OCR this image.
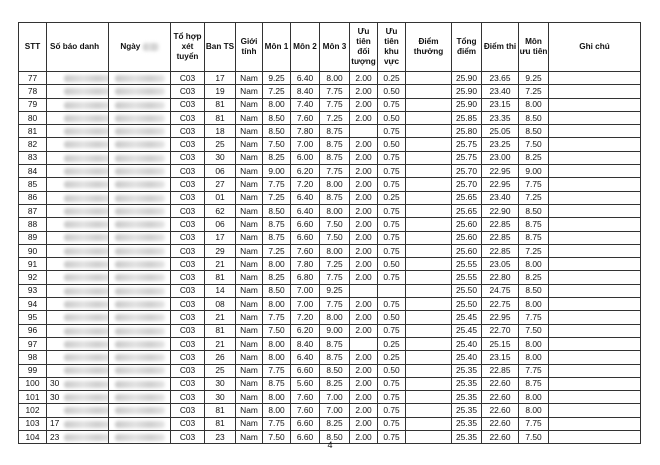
STT	Số báo danh	Ngày	Tổ hợp xét tuyển	Ban TS	Giới tính	Môn 1	Môn 2	Môn 3	Ưu tiên đối tượng	Ưu tiên khu vực	Điểm thưởng	Tổng điểm	Điểm thi	Môn ưu tiên	Ghi chú
77			C03	17	Nam	9.25	6.40	8.00	2.00	0.25		25.90	23.65	9.25	
78			C03	19	Nam	7.25	8.40	7.75	2.00	0.50		25.90	23.40	7.25	
79			C03	81	Nam	8.00	7.40	7.75	2.00	0.75		25.90	23.15	8.00	
80			C03	81	Nam	8.50	7.60	7.25	2.00	0.50		25.85	23.35	8.50	
81			C03	18	Nam	8.50	7.80	8.75		0.75		25.80	25.05	8.50	
82			C03	25	Nam	7.50	7.00	8.75	2.00	0.50		25.75	23.25	7.50	
83			C03	30	Nam	8.25	6.00	8.75	2.00	0.75		25.75	23.00	8.25	
84			C03	06	Nam	9.00	6.20	7.75	2.00	0.75		25.70	22.95	9.00	
85			C03	27	Nam	7.75	7.20	8.00	2.00	0.75		25.70	22.95	7.75	
86			C03	01	Nam	7.25	6.40	8.75	2.00	0.25		25.65	23.40	7.25	
87			C03	62	Nam	8.50	6.40	8.00	2.00	0.75		25.65	22.90	8.50	
88			C03	06	Nam	8.75	6.60	7.50	2.00	0.75		25.60	22.85	8.75	
89			C03	17	Nam	8.75	6.60	7.50	2.00	0.75		25.60	22.85	8.75	
90			C03	29	Nam	7.25	7.60	8.00	2.00	0.75		25.60	22.85	7.25	
91			C03	21	Nam	8.00	7.80	7.25	2.00	0.50		25.55	23.05	8.00	
92			C03	81	Nam	8.25	6.80	7.75	2.00	0.75		25.55	22.80	8.25	
93			C03	14	Nam	8.50	7.00	9.25				25.50	24.75	8.50	
94			C03	08	Nam	8.00	7.00	7.75	2.00	0.75		25.50	22.75	8.00	
95			C03	21	Nam	7.75	7.20	8.00	2.00	0.50		25.45	22.95	7.75	
96			C03	81	Nam	7.50	6.20	9.00	2.00	0.75		25.45	22.70	7.50	
97			C03	21	Nam	8.00	8.40	8.75		0.25		25.40	25.15	8.00	
98			C03	26	Nam	8.00	6.40	8.75	2.00	0.25		25.40	23.15	8.00	
99			C03	25	Nam	7.75	6.60	8.50	2.00	0.50		25.35	22.85	7.75	
100	30		C03	30	Nam	8.75	5.60	8.25	2.00	0.75		25.35	22.60	8.75	
101	30		C03	30	Nam	8.00	7.60	7.00	2.00	0.75		25.35	22.60	8.00	
102			C03	81	Nam	8.00	7.60	7.00	2.00	0.75		25.35	22.60	8.00	
103	17		C03	81	Nam	7.75	6.60	8.25	2.00	0.75		25.35	22.60	7.75	
104	23		C03	23	Nam	7.50	6.60	8.50	2.00	0.75		25.35	22.60	7.50	
4
